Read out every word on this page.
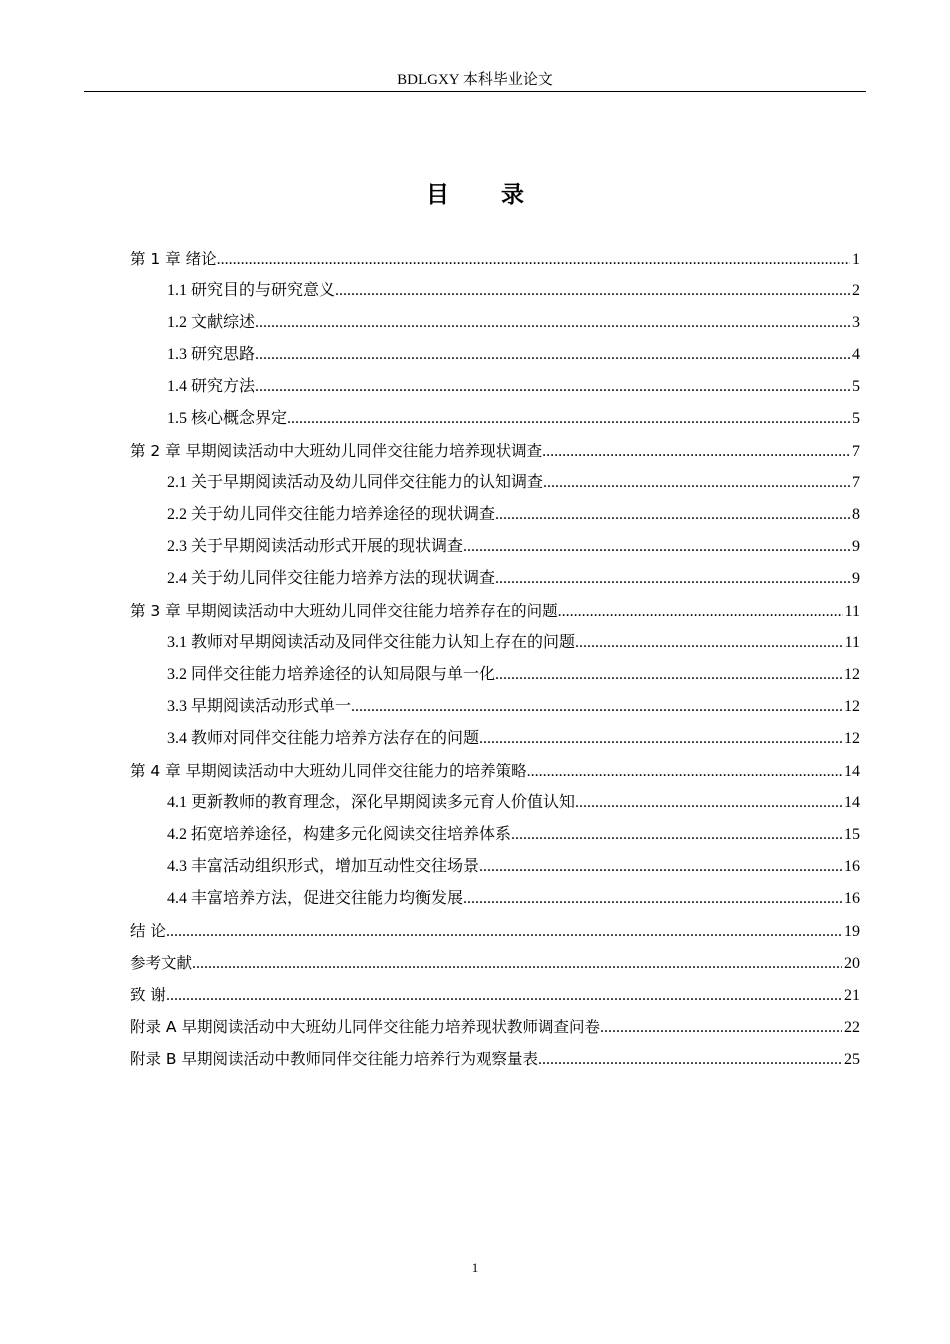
BDLGXY 本科毕业论文
目 录
第 1 章 绪论 .....	1
1.1 研究目的与研究意义 .....	2
1.2 文献综述 .....	3
1.3 研究思路 .....	4
1.4 研究方法 .....	5
1.5 核心概念界定 .....	5
第 2 章 早期阅读活动中大班幼儿同伴交往能力培养现状调查 .....	7
2.1 关于早期阅读活动及幼儿同伴交往能力的认知调查 .....	7
2.2 关于幼儿同伴交往能力培养途径的现状调查 .....	8
2.3 关于早期阅读活动形式开展的现状调查 .....	9
2.4 关于幼儿同伴交往能力培养方法的现状调查 .....	9
第 3 章 早期阅读活动中大班幼儿同伴交往能力培养存在的问题 .....	11
3.1 教师对早期阅读活动及同伴交往能力认知上存在的问题 .....	11
3.2 同伴交往能力培养途径的认知局限与单一化 .....	12
3.3 早期阅读活动形式单一 .....	12
3.4 教师对同伴交往能力培养方法存在的问题 .....	12
第 4 章 早期阅读活动中大班幼儿同伴交往能力的培养策略 .....	14
4.1 更新教师的教育理念，深化早期阅读多元育人价值认知 .....	14
4.2 拓宽培养途径，构建多元化阅读交往培养体系 .....	15
4.3 丰富活动组织形式，增加互动性交往场景 .....	16
4.4 丰富培养方法，促进交往能力均衡发展 .....	16
结 论 .....	19
参考文献 .....	20
致 谢 .....	21
附录 A 早期阅读活动中大班幼儿同伴交往能力培养现状教师调查问卷 .....	22
附录 B 早期阅读活动中教师同伴交往能力培养行为观察量表 .....	25
1
